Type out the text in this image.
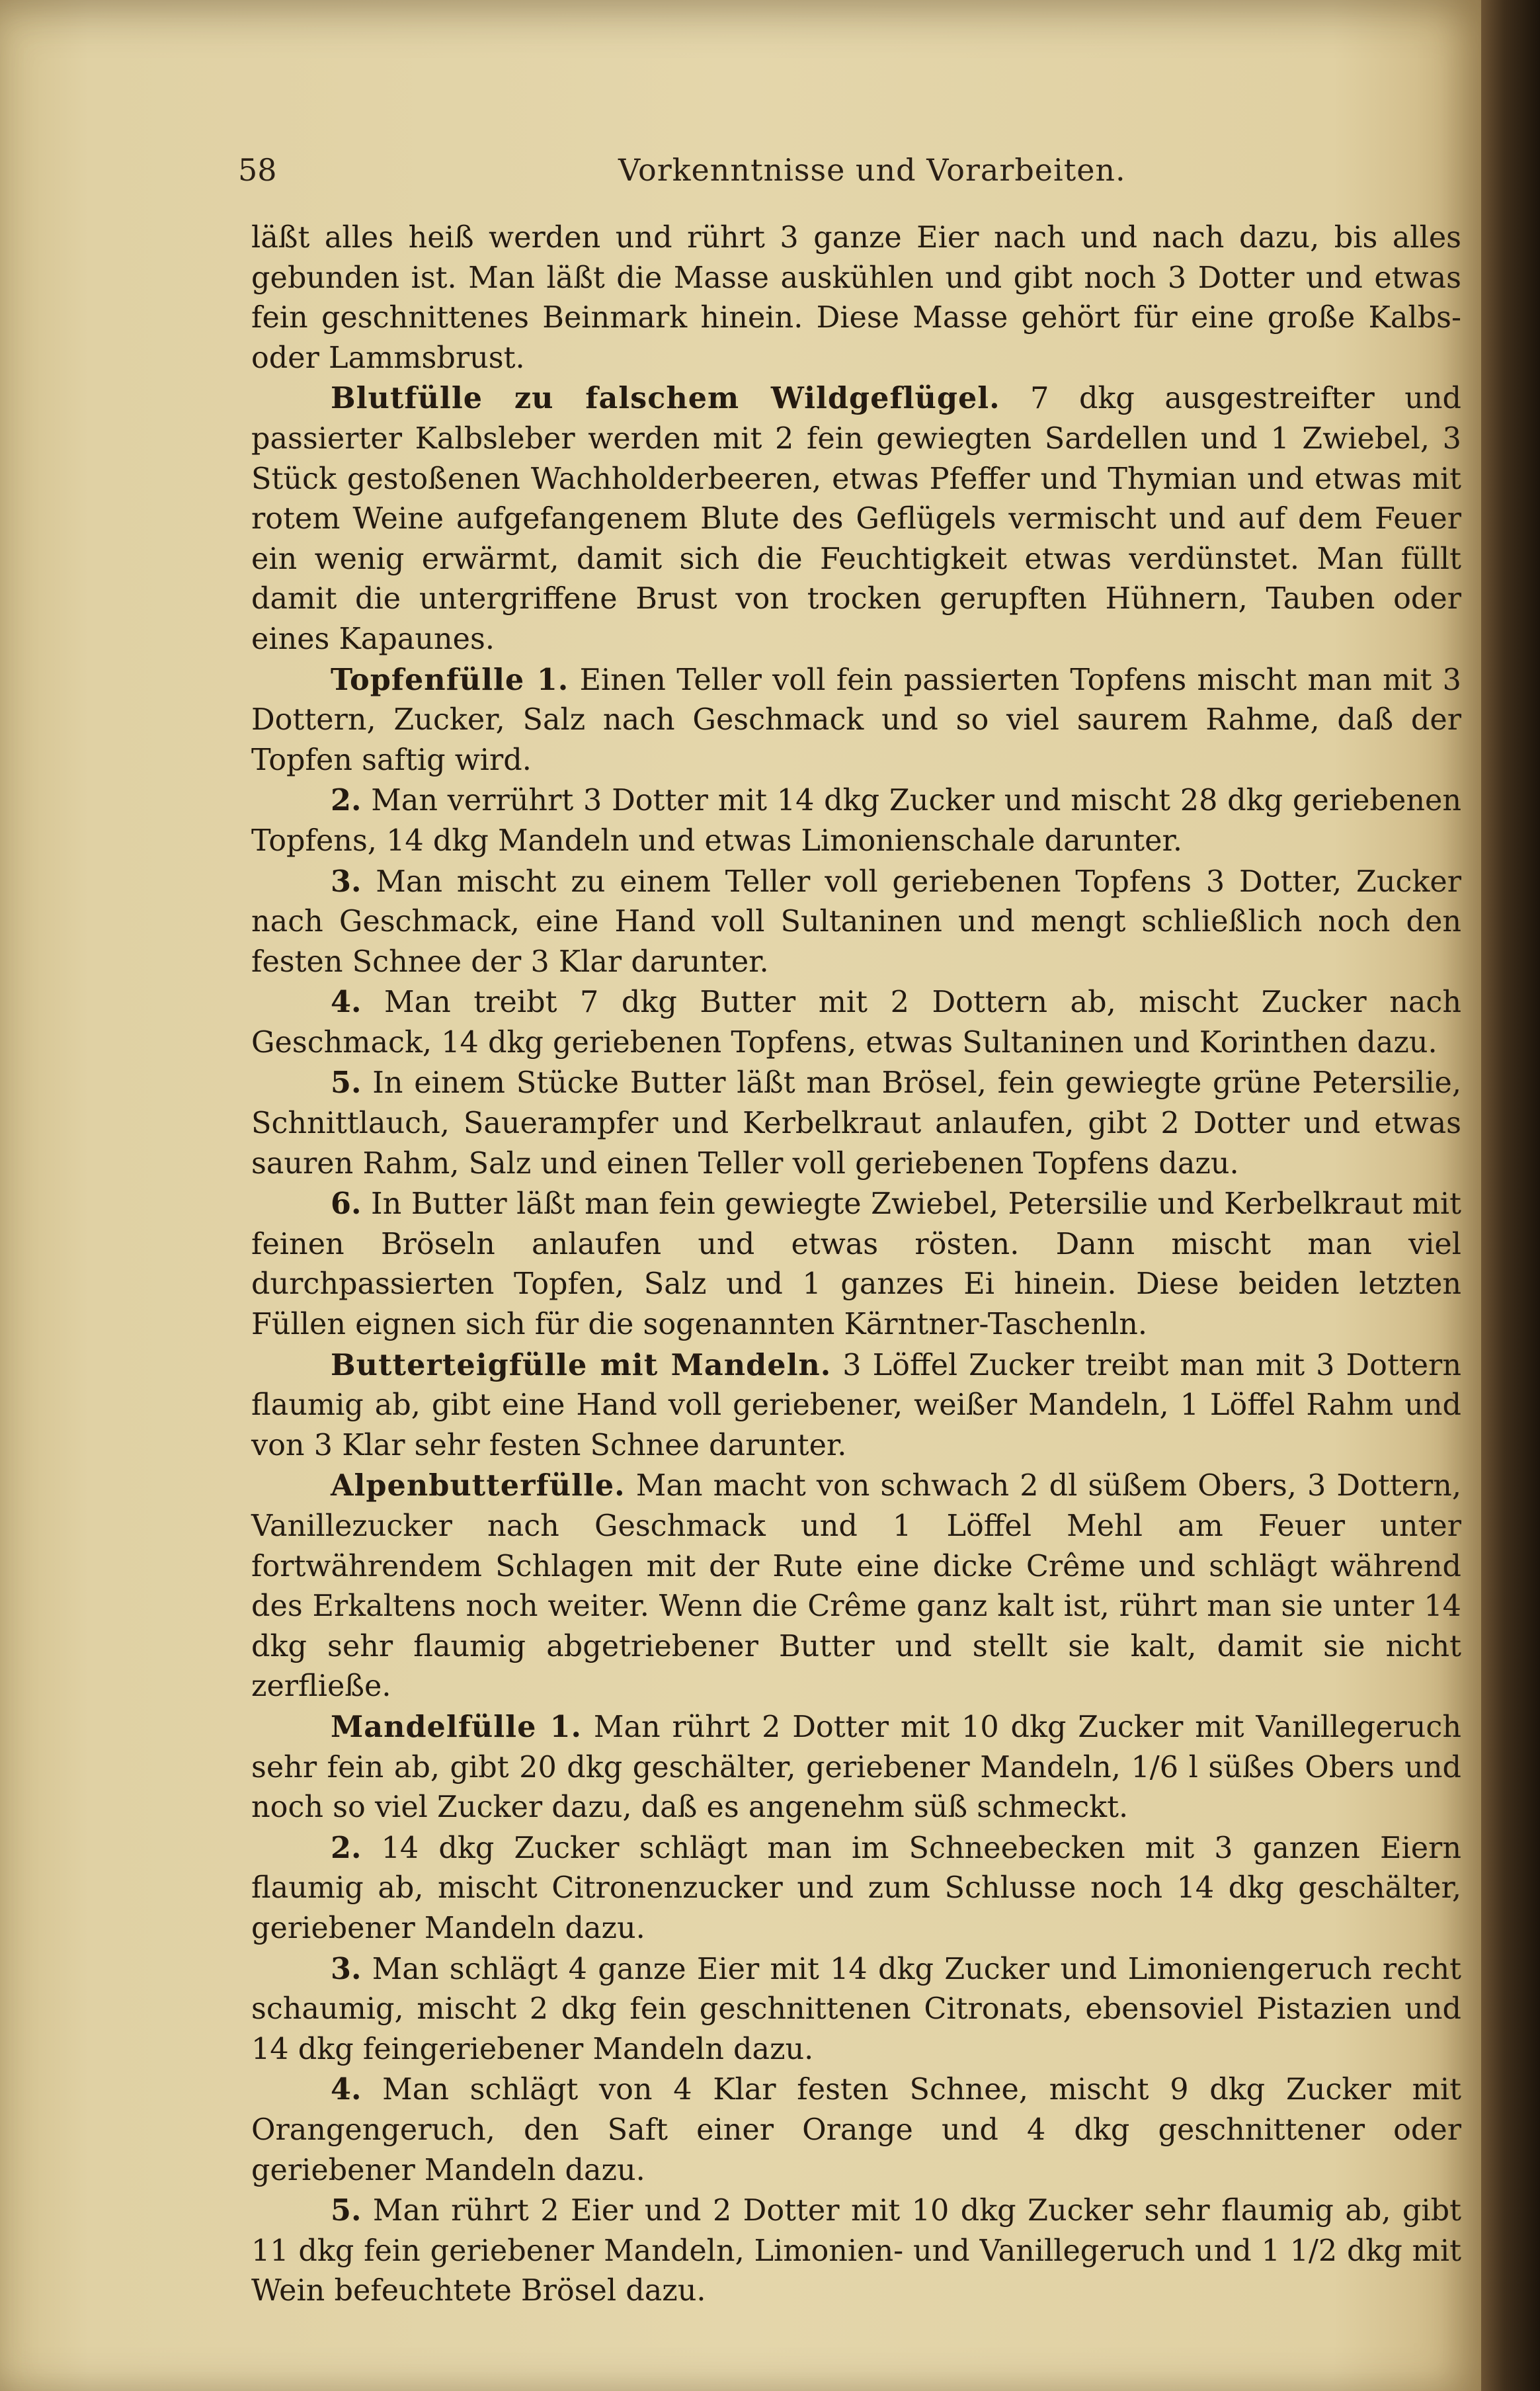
58	Vorkenntnisse und Vorarbeiten.

läßt alles heiß werden und rührt 3 ganze Eier nach und nach dazu, bis alles gebunden ist. Man läßt die Masse auskühlen und gibt noch 3 Dotter und etwas fein geschnittenes Beinmark hinein. Diese Masse gehört für eine große Kalbs- oder Lammsbrust.

Blutfülle zu falschem Wildgeflügel. 7 dkg ausgestreifter und passierter Kalbsleber werden mit 2 fein gewiegten Sardellen und 1 Zwiebel, 3 Stück gestoßenen Wachholderbeeren, etwas Pfeffer und Thymian und etwas mit rotem Weine aufgefangenem Blute des Geflügels vermischt und auf dem Feuer ein wenig erwärmt, damit sich die Feuchtigkeit etwas verdünstet. Man füllt damit die untergriffene Brust von trocken gerupften Hühnern, Tauben oder eines Kapaunes.

Topfenfülle 1. Einen Teller voll fein passierten Topfens mischt man mit 3 Dottern, Zucker, Salz nach Geschmack und so viel saurem Rahme, daß der Topfen saftig wird.

2. Man verrührt 3 Dotter mit 14 dkg Zucker und mischt 28 dkg geriebenen Topfens, 14 dkg Mandeln und etwas Limonienschale darunter.

3. Man mischt zu einem Teller voll geriebenen Topfens 3 Dotter, Zucker nach Geschmack, eine Hand voll Sultaninen und mengt schließlich noch den festen Schnee der 3 Klar darunter.

4. Man treibt 7 dkg Butter mit 2 Dottern ab, mischt Zucker nach Geschmack, 14 dkg geriebenen Topfens, etwas Sultaninen und Korinthen dazu.

5. In einem Stücke Butter läßt man Brösel, fein gewiegte grüne Petersilie, Schnittlauch, Sauerampfer und Kerbelkraut anlaufen, gibt 2 Dotter und etwas sauren Rahm, Salz und einen Teller voll geriebenen Topfens dazu.

6. In Butter läßt man fein gewiegte Zwiebel, Petersilie und Kerbelkraut mit feinen Bröseln anlaufen und etwas rösten. Dann mischt man viel durchpassierten Topfen, Salz und 1 ganzes Ei hinein. Diese beiden letzten Füllen eignen sich für die sogenannten Kärntner-Taschenln.

Butterteigfülle mit Mandeln. 3 Löffel Zucker treibt man mit 3 Dottern flaumig ab, gibt eine Hand voll geriebener, weißer Mandeln, 1 Löffel Rahm und von 3 Klar sehr festen Schnee darunter.

Alpenbutterfülle. Man macht von schwach 2 dl süßem Obers, 3 Dottern, Vanillezucker nach Geschmack und 1 Löffel Mehl am Feuer unter fortwährendem Schlagen mit der Rute eine dicke Crême und schlägt während des Erkaltens noch weiter. Wenn die Crême ganz kalt ist, rührt man sie unter 14 dkg sehr flaumig abgetriebener Butter und stellt sie kalt, damit sie nicht zerfließe.

Mandelfülle 1. Man rührt 2 Dotter mit 10 dkg Zucker mit Vanillegeruch sehr fein ab, gibt 20 dkg geschälter, geriebener Mandeln, 1/6 l süßes Obers und noch so viel Zucker dazu, daß es angenehm süß schmeckt.

2. 14 dkg Zucker schlägt man im Schneebecken mit 3 ganzen Eiern flaumig ab, mischt Citronenzucker und zum Schlusse noch 14 dkg geschälter, geriebener Mandeln dazu.

3. Man schlägt 4 ganze Eier mit 14 dkg Zucker und Limoniengeruch recht schaumig, mischt 2 dkg fein geschnittenen Citronats, ebensoviel Pistazien und 14 dkg feingeriebener Mandeln dazu.

4. Man schlägt von 4 Klar festen Schnee, mischt 9 dkg Zucker mit Orangengeruch, den Saft einer Orange und 4 dkg geschnittener oder geriebener Mandeln dazu.

5. Man rührt 2 Eier und 2 Dotter mit 10 dkg Zucker sehr flaumig ab, gibt 11 dkg fein geriebener Mandeln, Limonien- und Vanillegeruch und 1 1/2 dkg mit Wein befeuchtete Brösel dazu.
